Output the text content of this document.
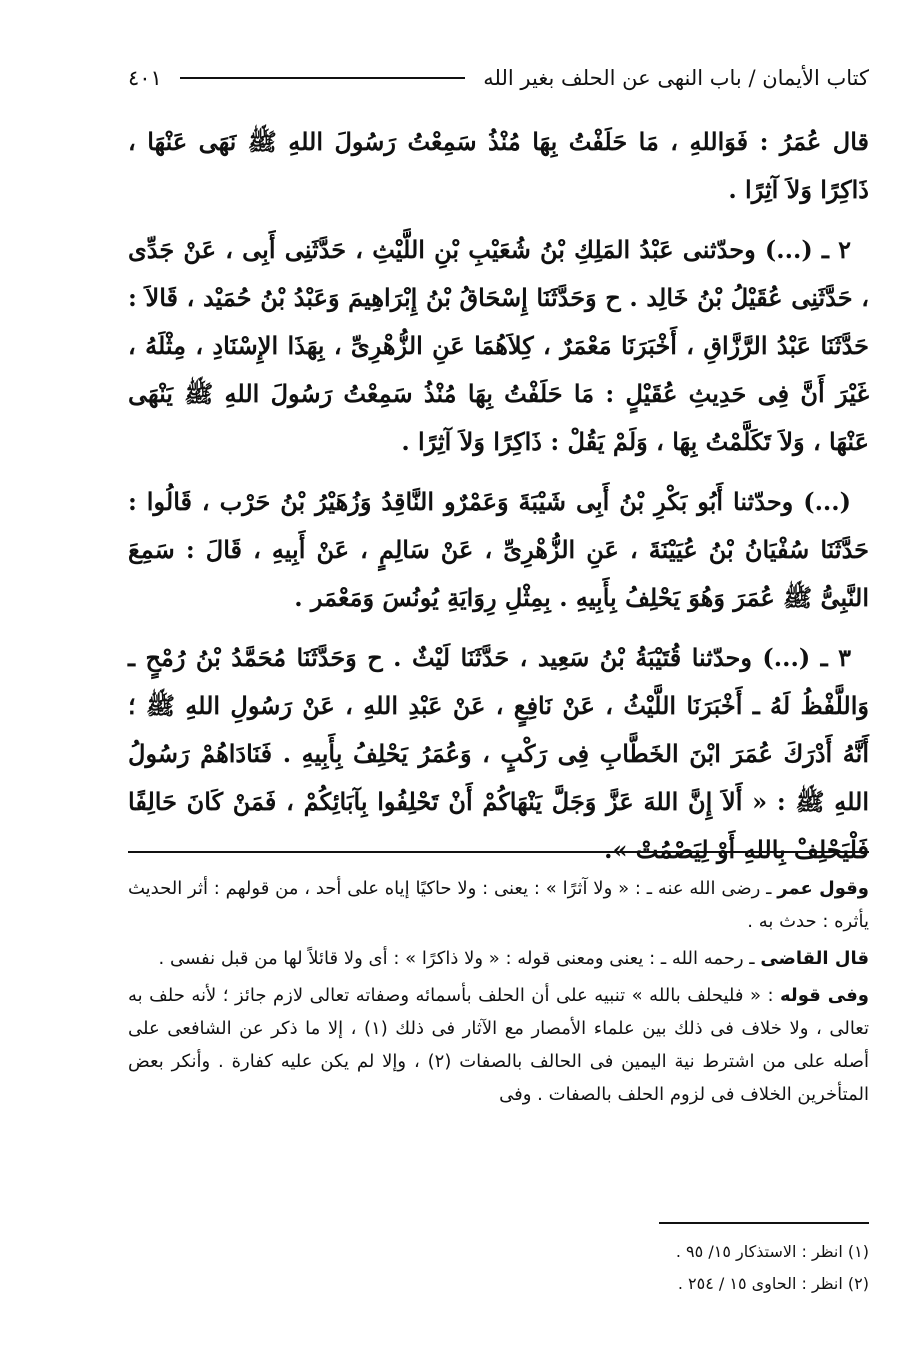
كتاب الأيمان / باب النهى عن الحلف بغير الله
٤٠١

قال عُمَرُ : فَوَاللهِ ، مَا حَلَفْتُ بِهَا مُنْذُ سَمِعْتُ رَسُولَ اللهِ ﷺ نَهَى عَنْهَا ، ذَاكِرًا وَلاَ آثِرًا .

٢ ـ (...) وحدّثنى عَبْدُ المَلِكِ بْنُ شُعَيْبِ بْنِ اللَّيْثِ ، حَدَّثَنِى أَبِى ، عَنْ جَدِّى ، حَدَّثَنِى عُقَيْلُ بْنُ خَالِد . ح وَحَدَّثَنَا إِسْحَاقُ بْنُ إِبْرَاهِيمَ وَعَبْدُ بْنُ حُمَيْد ، قَالاَ : حَدَّثَنَا عَبْدُ الرَّزَّاقِ ، أَخْبَرَنَا مَعْمَرٌ ، كِلاَهُمَا عَنِ الزُّهْرِىِّ ، بِهَذَا الإِسْنَادِ ، مِثْلَهُ ، غَيْرَ أَنَّ فِى حَدِيثِ عُقَيْلٍ : مَا حَلَفْتُ بِهَا مُنْذُ سَمِعْتُ رَسُولَ اللهِ ﷺ يَنْهَى عَنْهَا ، وَلاَ تَكَلَّمْتُ بِهَا ، وَلَمْ يَقُلْ : ذَاكِرًا وَلاَ آثِرًا .

(...) وحدّثنا أَبُو بَكْرِ بْنُ أَبِى شَيْبَةَ وَعَمْرٌو النَّاقِدُ وَزُهَيْرُ بْنُ حَرْب ، قَالُوا : حَدَّثَنَا سُفْيَانُ بْنُ عُيَيْنَةَ ، عَنِ الزُّهْرِىِّ ، عَنْ سَالِمٍ ، عَنْ أَبِيهِ ، قَالَ : سَمِعَ النَّبِىُّ ﷺ عُمَرَ وَهُوَ يَحْلِفُ بِأَبِيهِ . بِمِثْلِ رِوَايَةِ يُونُسَ وَمَعْمَر .

٣ ـ (...) وحدّثنا قُتَيْبَةُ بْنُ سَعِيد ، حَدَّثَنَا لَيْثٌ . ح وَحَدَّثَنَا مُحَمَّدُ بْنُ رُمْحٍ ـ وَاللَّفْظُ لَهُ ـ أَخْبَرَنَا اللَّيْثُ ، عَنْ نَافِعٍ ، عَنْ عَبْدِ اللهِ ، عَنْ رَسُولِ اللهِ ﷺ ؛ أَنَّهُ أَدْرَكَ عُمَرَ ابْنَ الخَطَّابِ فِى رَكْبٍ ، وَعُمَرُ يَحْلِفُ بِأَبِيهِ . فَنَادَاهُمْ رَسُولُ اللهِ ﷺ : « أَلاَ إِنَّ اللهَ عَزَّ وَجَلَّ يَنْهَاكُمْ أَنْ تَحْلِفُوا بِآبَائِكُمْ ، فَمَنْ كَانَ حَالِفًا فَلْيَحْلِفْ بِاللهِ أَوْ لِيَصْمُتْ ».

وقول عمر ـ رضى الله عنه ـ : « ولا آثرًا » : يعنى : ولا حاكيًا إياه على أحد ، من قولهم : أثر الحديث يأثره : حدث به .

قال القاضى ـ رحمه الله ـ : يعنى ومعنى قوله : « ولا ذاكرًا » : أى ولا قائلاً لها من قبل نفسى .

وفى قوله : « فليحلف بالله » تنبيه على أن الحلف بأسمائه وصفاته تعالى لازم جائز ؛ لأنه حلف به تعالى ، ولا خلاف فى ذلك بين علماء الأمصار مع الآثار فى ذلك (١) ، إلا ما ذكر عن الشافعى على أصله على من اشترط نية اليمين فى الحالف بالصفات (٢) ، وإلا لم يكن عليه كفارة . وأنكر بعض المتأخرين الخلاف فى لزوم الحلف بالصفات . وفى

(١) انظر : الاستذكار ١٥/ ٩٥ .
(٢) انظر : الحاوى ١٥ / ٢٥٤ .
